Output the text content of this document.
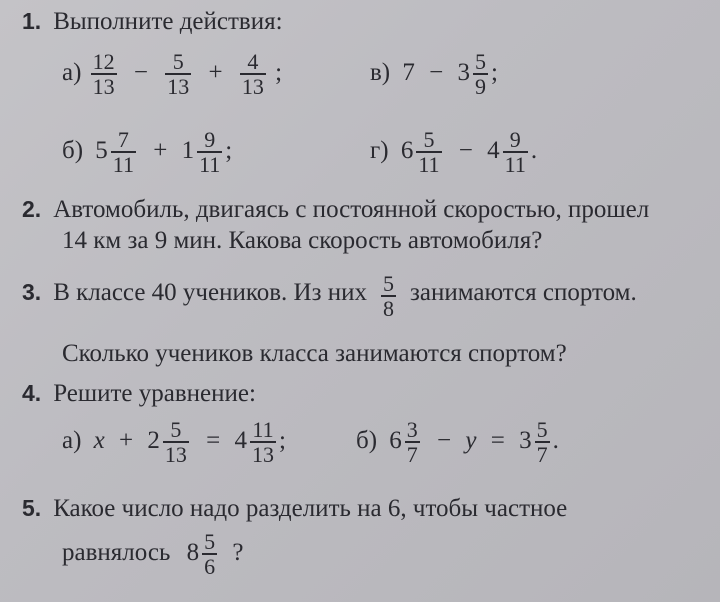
1. Выполните действия:
$а) \frac{12}{13} - \frac{5}{13} + \frac{4}{13}$ ;	в) $7 - 3 \frac{5}{9}$ ;
б) $5 \frac{7}{11} + 1 \frac{9}{11}$ ;	г) $6 \frac{5}{11} - 4 \frac{9}{11}$ .
2. Автомобиль, двигаясь с постоянной скоростью, прошел
14 км за 9 мин. Какова скорость автомобиля?
3. В классе 40 учеников. Из них $\frac{5}{8}$ занимаются спортом.
Сколько учеников класса занимаются спортом?
4. Решите уравнение:
а) $x + 2 \frac{5}{13} = 4 \frac{11}{13}$ ;	б) $6 \frac{3}{7} - y = 3 \frac{5}{7}$ .
5. Какое число надо разделить на 6, чтобы частное
равнялось $8 \frac{5}{6}$ ?
